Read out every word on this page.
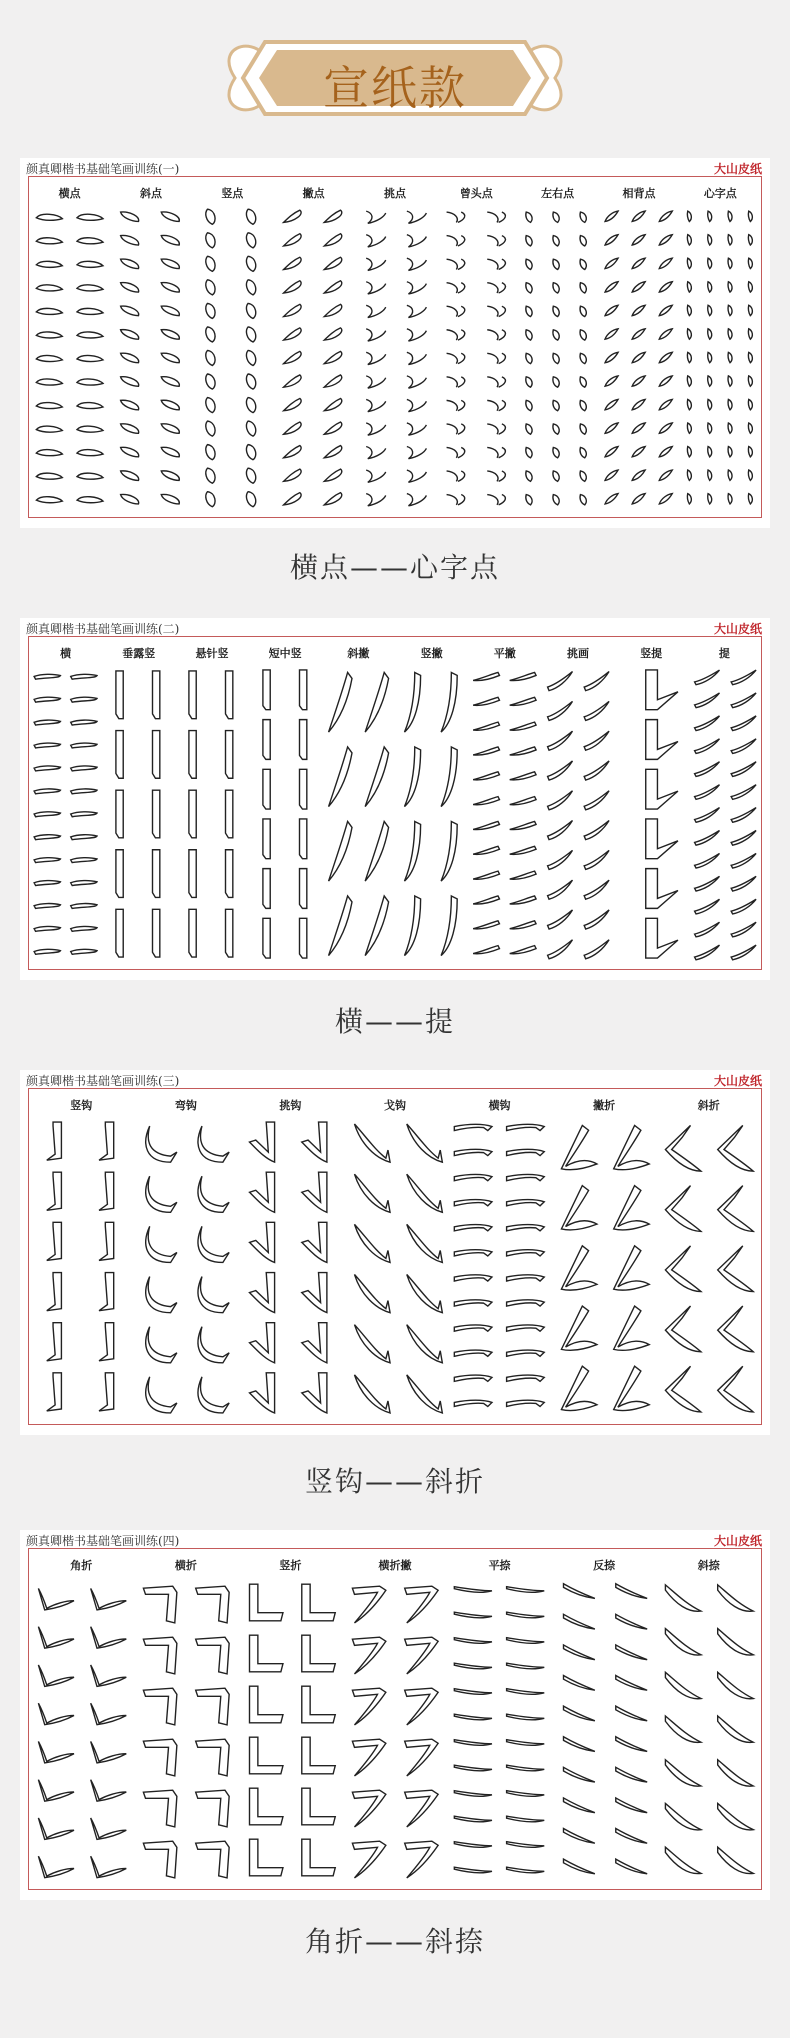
宣纸款
颜真卿楷书基础笔画训练(一)	大山皮纸
横点	斜点	竖点	撇点	挑点	曾头点	左右点	相背点	心字点
横点——心字点
颜真卿楷书基础笔画训练(二)	大山皮纸
横	垂露竖	悬针竖	短中竖	斜撇	竖撇	平撇	挑画	竖提	提
横——提
颜真卿楷书基础笔画训练(三)	大山皮纸
竖钩	弯钩	挑钩	戈钩	横钩	撇折	斜折
竖钩——斜折
颜真卿楷书基础笔画训练(四)	大山皮纸
角折	横折	竖折	横折撇	平捺	反捺	斜捺
角折——斜捺
